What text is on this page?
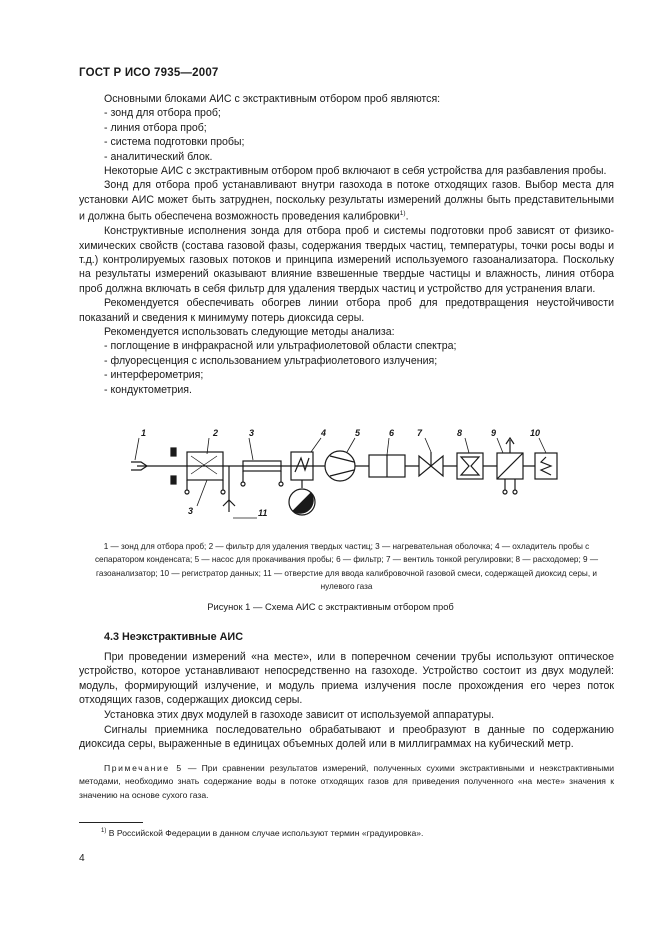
ГОСТ Р ИСО 7935—2007

Основными блоками АИС с экстрактивным отбором проб являются:

- зонд для отбора проб;
- линия отбора проб;
- система подготовки пробы;
- аналитический блок.

Некоторые АИС с экстрактивным отбором проб включают в себя устройства для разбавления пробы.

Зонд для отбора проб устанавливают внутри газохода в потоке отходящих газов. Выбор места для установки АИС может быть затруднен, поскольку результаты измерений должны быть представительными и должна быть обеспечена возможность проведения калибровки$^{1)}$.

Конструктивные исполнения зонда для отбора проб и системы подготовки проб зависят от физико-химических свойств (состава газовой фазы, содержания твердых частиц, температуры, точки росы воды и т.д.) контролируемых газовых потоков и принципа измерений используемого газоанализатора. Поскольку на результаты измерений оказывают влияние взвешенные твердые частицы и влажность, линия отбора проб должна включать в себя фильтр для удаления твердых частиц и устройство для устранения влаги.

Рекомендуется обеспечивать обогрев линии отбора проб для предотвращения неустойчивости показаний и сведения к минимуму потерь диоксида серы.

Рекомендуется использовать следующие методы анализа:

- поглощение в инфракрасной или ультрафиолетовой области спектра;
- флуоресценция с использованием ультрафиолетового излучения;
- интерферометрия;
- кондуктометрия.
1	2
3
3	4	5	6	7	8	9	10
11
1 — зонд для отбора проб; 2 — фильтр для удаления твердых частиц; 3 — нагревательная оболочка; 4 — охладитель пробы с сепаратором конденсата; 5 — насос для прокачивания пробы; 6 — фильтр; 7 — вентиль тонкой регулировки; 8 — расходомер; 9 — газоанализатор; 10 — регистратор данных; 11 — отверстие для ввода калибровочной газовой смеси, содержащей диоксид серы, и нулевого газа
Рисунок 1 — Схема АИС с экстрактивным отбором проб
4.3 Неэкстрактивные АИС

При проведении измерений «на месте», или в поперечном сечении трубы используют оптическое устройство, которое устанавливают непосредственно на газоходе. Устройство состоит из двух модулей: модуль, формирующий излучение, и модуль приема излучения после прохождения его через поток отходящих газов, содержащих диоксид серы.

Установка этих двух модулей в газоходе зависит от используемой аппаратуры.

Сигналы приемника последовательно обрабатывают и преобразуют в данные по содержанию диоксида серы, выраженные в единицах объемных долей или в миллиграммах на кубический метр.

Примечание 5 — При сравнении результатов измерений, полученных сухими экстрактивными и неэкстрактивными методами, необходимо знать содержание воды в потоке отходящих газов для приведения полученного «на месте» значения к значению на основе сухого газа.
$^{1)}$ В Российской Федерации в данном случае используют термин «градуировка».
4
